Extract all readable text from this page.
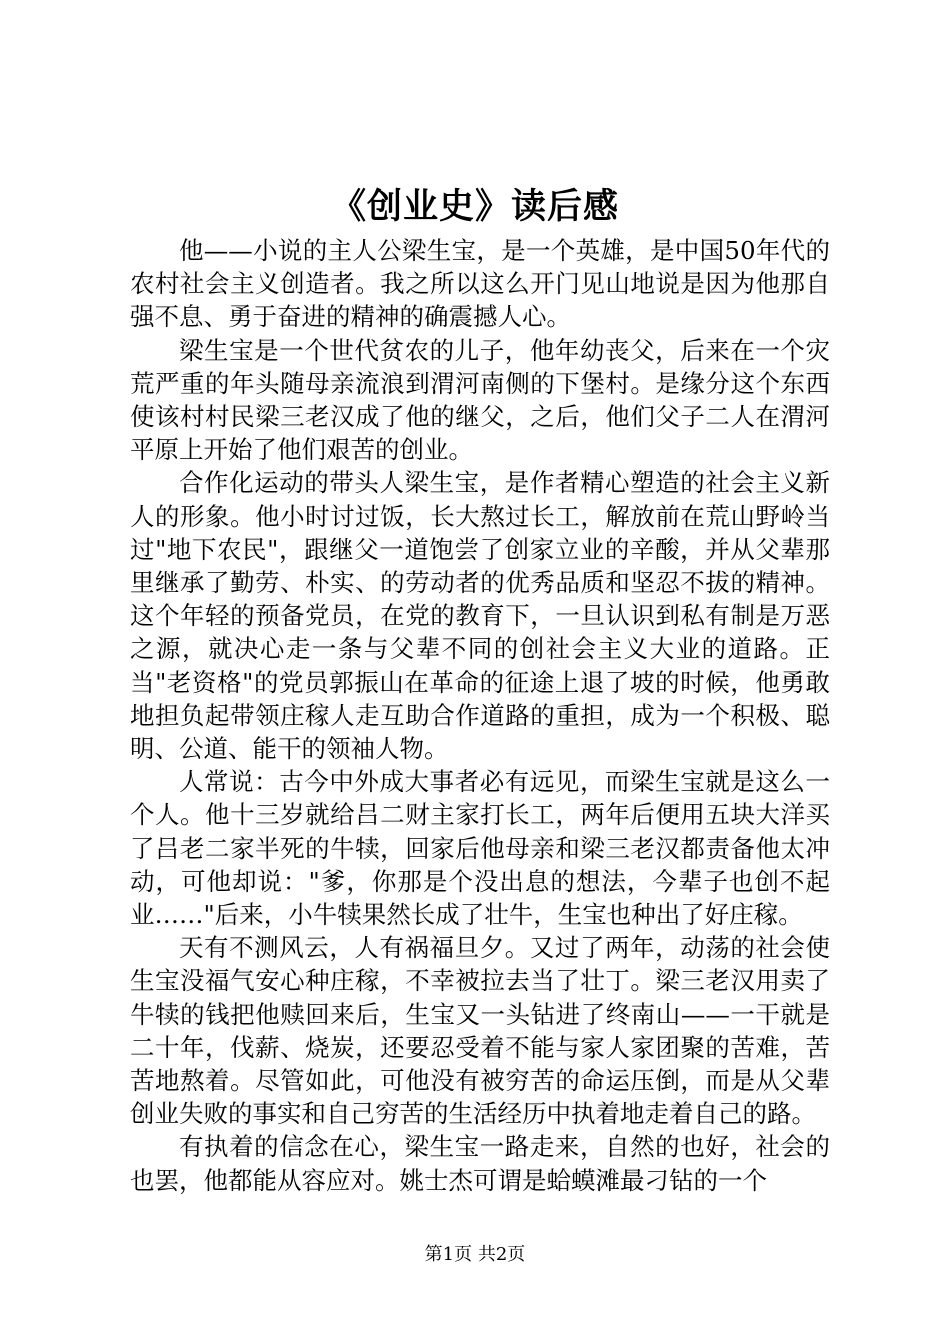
《创业史》读后感

他——小说的主人公梁生宝，是一个英雄，是中国50年代的农村社会主义创造者。我之所以这么开门见山地说是因为他那自强不息、勇于奋进的精神的确震撼人心。

梁生宝是一个世代贫农的儿子，他年幼丧父，后来在一个灾荒严重的年头随母亲流浪到渭河南侧的下堡村。是缘分这个东西使该村村民梁三老汉成了他的继父，之后，他们父子二人在渭河平原上开始了他们艰苦的创业。

合作化运动的带头人梁生宝，是作者精心塑造的社会主义新人的形象。他小时讨过饭，长大熬过长工，解放前在荒山野岭当过"地下农民"，跟继父一道饱尝了创家立业的辛酸，并从父辈那里继承了勤劳、朴实、的劳动者的优秀品质和坚忍不拔的精神。这个年轻的预备党员，在党的教育下，一旦认识到私有制是万恶之源，就决心走一条与父辈不同的创社会主义大业的道路。正当"老资格"的党员郭振山在革命的征途上退了坡的时候，他勇敢地担负起带领庄稼人走互助合作道路的重担，成为一个积极、聪明、公道、能干的领袖人物。

人常说：古今中外成大事者必有远见，而梁生宝就是这么一个人。他十三岁就给吕二财主家打长工，两年后便用五块大洋买了吕老二家半死的牛犊，回家后他母亲和梁三老汉都责备他太冲动，可他却说："爹，你那是个没出息的想法，今辈子也创不起业……"后来，小牛犊果然长成了壮牛，生宝也种出了好庄稼。

天有不测风云，人有祸福旦夕。又过了两年，动荡的社会使生宝没福气安心种庄稼，不幸被拉去当了壮丁。梁三老汉用卖了牛犊的钱把他赎回来后，生宝又一头钻进了终南山——一干就是二十年，伐薪、烧炭，还要忍受着不能与家人家团聚的苦难，苦苦地熬着。尽管如此，可他没有被穷苦的命运压倒，而是从父辈创业失败的事实和自己穷苦的生活经历中执着地走着自己的路。

有执着的信念在心，梁生宝一路走来，自然的也好，社会的也罢，他都能从容应对。姚士杰可谓是蛤蟆滩最刁钻的一个

第1页 共2页
